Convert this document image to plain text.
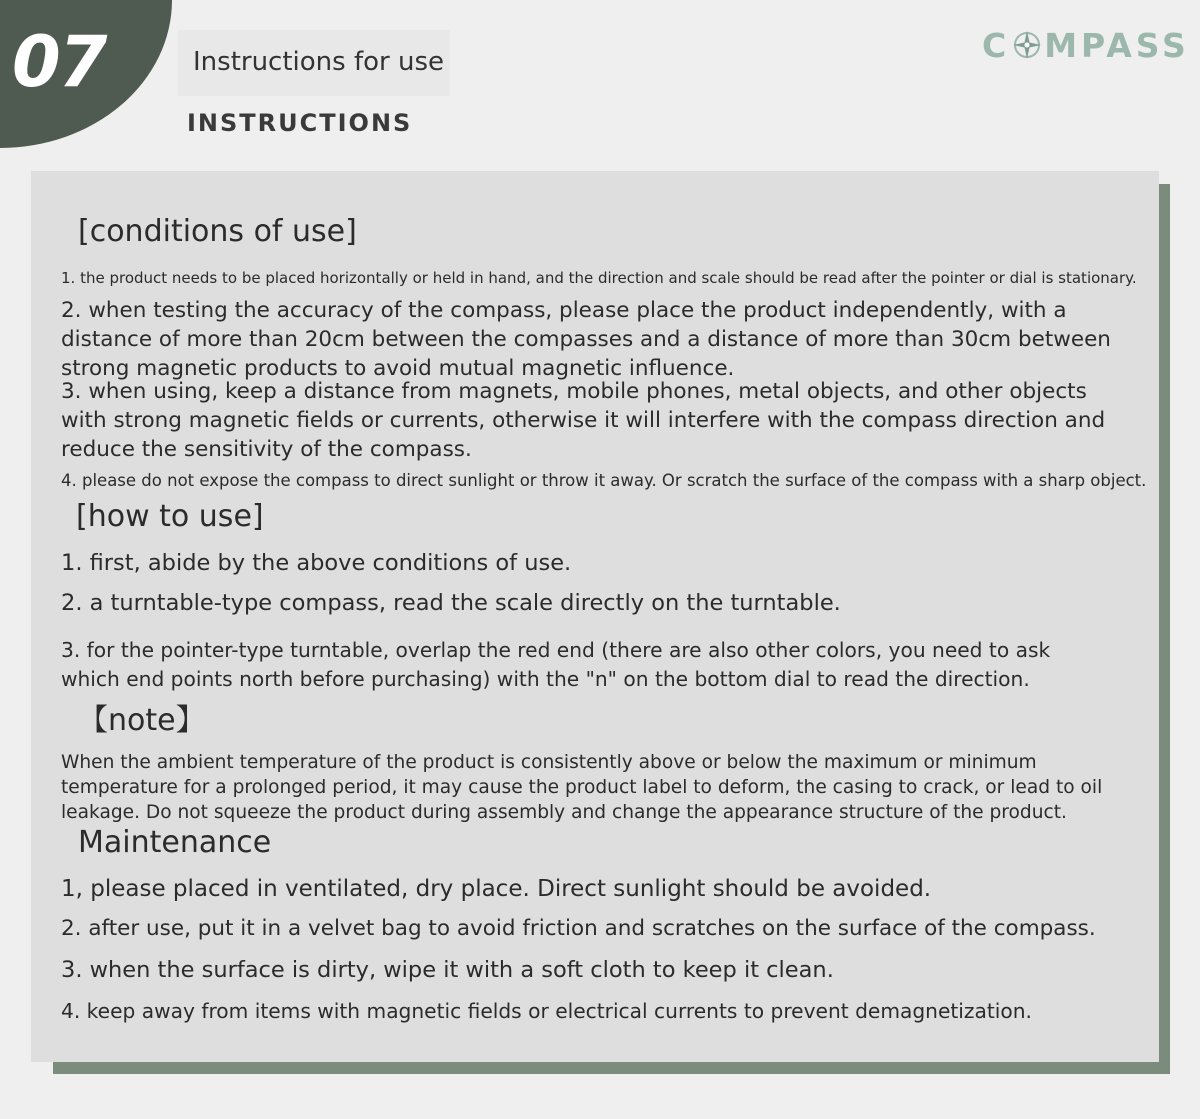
07	Instructions for use
INSTRUCTIONS
C MPASS
[conditions of use]
1. the product needs to be placed horizontally or held in hand, and the direction and scale should be read after the pointer or dial is stationary.
2. when testing the accuracy of the compass, please place the product independently, with a distance of more than 20cm between the compasses and a distance of more than 30cm between strong magnetic products to avoid mutual magnetic influence.
3. when using, keep a distance from magnets, mobile phones, metal objects, and other objects with strong magnetic fields or currents, otherwise it will interfere with the compass direction and reduce the sensitivity of the compass.
4. please do not expose the compass to direct sunlight or throw it away. Or scratch the surface of the compass with a sharp object.
[how to use]
1. first, abide by the above conditions of use.
2. a turntable-type compass, read the scale directly on the turntable.
3. for the pointer-type turntable, overlap the red end (there are also other colors, you need to ask which end points north before purchasing) with the "n" on the bottom dial to read the direction.
【note】
When the ambient temperature of the product is consistently above or below the maximum or minimum temperature for a prolonged period, it may cause the product label to deform, the casing to crack, or lead to oil leakage. Do not squeeze the product during assembly and change the appearance structure of the product.
Maintenance
1, please placed in ventilated, dry place. Direct sunlight should be avoided.
2. after use, put it in a velvet bag to avoid friction and scratches on the surface of the compass.
3. when the surface is dirty, wipe it with a soft cloth to keep it clean.
4. keep away from items with magnetic fields or electrical currents to prevent demagnetization.
